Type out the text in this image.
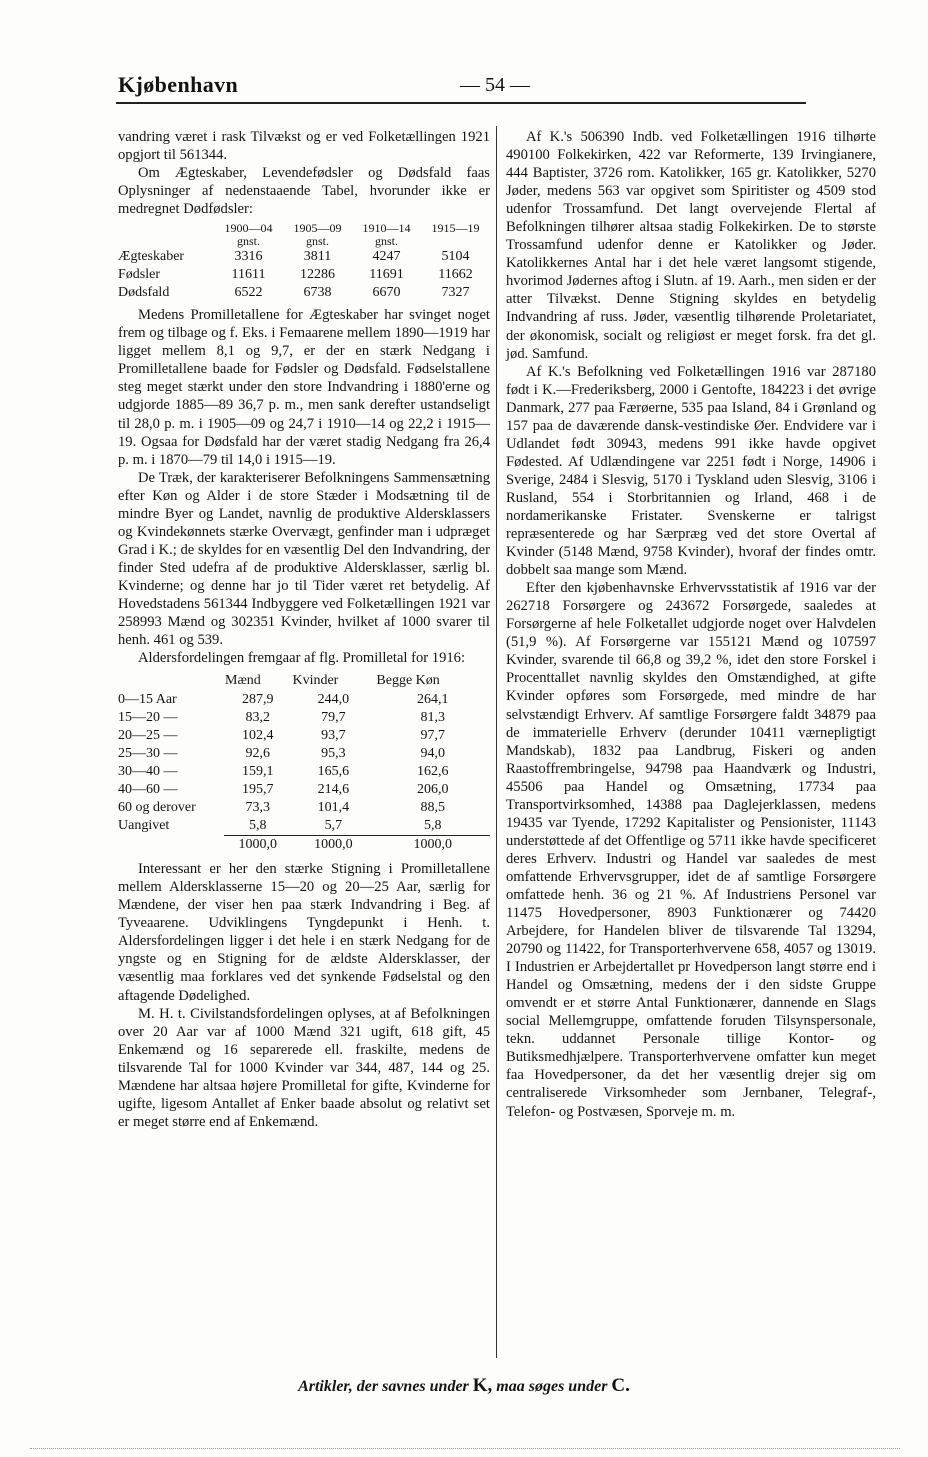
Kjøbenhavn	— 54 —

vandring været i rask Tilvækst og er ved Folketællingen 1921 opgjort til 561344.

Om Ægteskaber, Levendefødsler og Dødsfald faas Oplysninger af nedenstaaende Tabel, hvorunder ikke er medregnet Dødfødsler:

	1900—04	1905—09	1910—14	1915—19
	gnst.	gnst.	gnst.	
Ægteskaber	3316	3811	4247	5104
Fødsler	11611	12286	11691	11662
Dødsfald	6522	6738	6670	7327

Medens Promilletallene for Ægteskaber har svinget noget frem og tilbage og f. Eks. i Femaarene mellem 1890—1919 har ligget mellem 8,1 og 9,7, er der en stærk Nedgang i Promilletallene baade for Fødsler og Dødsfald. Fødselstallene steg meget stærkt under den store Indvandring i 1880'erne og udgjorde 1885—89 36,7 p. m., men sank derefter ustandseligt til 28,0 p. m. i 1905—09 og 24,7 i 1910—14 og 22,2 i 1915—19. Ogsaa for Dødsfald har der været stadig Nedgang fra 26,4 p. m. i 1870—79 til 14,0 i 1915—19.

De Træk, der karakteriserer Befolkningens Sammensætning efter Køn og Alder i de store Stæder i Modsætning til de mindre Byer og Landet, navnlig de produktive Aldersklassers og Kvindekønnets stærke Overvægt, genfinder man i udpræget Grad i K.; de skyldes for en væsentlig Del den Indvandring, der finder Sted udefra af de produktive Aldersklasser, særlig bl. Kvinderne; og denne har jo til Tider været ret betydelig. Af Hovedstadens 561344 Indbyggere ved Folketællingen 1921 var 258993 Mænd og 302351 Kvinder, hvilket af 1000 svarer til henh. 461 og 539.

Aldersfordelingen fremgaar af flg. Promilletal for 1916:

	Mænd	Kvinder	Begge Køn
0—15 Aar	287,9	244,0	264,1
15—20 —	83,2	79,7	81,3
20—25 —	102,4	93,7	97,7
25—30 —	92,6	95,3	94,0
30—40 —	159,1	165,6	162,6
40—60 —	195,7	214,6	206,0
60 og derover	73,3	101,4	88,5
Uangivet	5,8	5,7	5,8
	1000,0	1000,0	1000,0

Interessant er her den stærke Stigning i Promilletallene mellem Aldersklasserne 15—20 og 20—25 Aar, særlig for Mændene, der viser hen paa stærk Indvandring i Beg. af Tyveaarene. Udviklingens Tyngdepunkt i Henh. t. Aldersfordelingen ligger i det hele i en stærk Nedgang for de yngste og en Stigning for de ældste Aldersklasser, der væsentlig maa forklares ved det synkende Fødselstal og den aftagende Dødelighed.

M. H. t. Civilstandsfordelingen oplyses, at af Befolkningen over 20 Aar var af 1000 Mænd 321 ugift, 618 gift, 45 Enkemænd og 16 separerede ell. fraskilte, medens de tilsvarende Tal for 1000 Kvinder var 344, 487, 144 og 25. Mændene har altsaa højere Promilletal for gifte, Kvinderne for ugifte, ligesom Antallet af Enker baade absolut og relativt set er meget større end af Enkemænd.

Af K.'s 506390 Indb. ved Folketællingen 1916 tilhørte 490100 Folkekirken, 422 var Reformerte, 139 Irvingianere, 444 Baptister, 3726 rom. Katolikker, 165 gr. Katolikker, 5270 Jøder, medens 563 var opgivet som Spiritister og 4509 stod udenfor Trossamfund. Det langt overvejende Flertal af Befolkningen tilhører altsaa stadig Folkekirken. De to største Trossamfund udenfor denne er Katolikker og Jøder. Katolikkernes Antal har i det hele været langsomt stigende, hvorimod Jødernes aftog i Slutn. af 19. Aarh., men siden er der atter Tilvækst. Denne Stigning skyldes en betydelig Indvandring af russ. Jøder, væsentlig tilhørende Proletariatet, der økonomisk, socialt og religiøst er meget forsk. fra det gl. jød. Samfund.

Af K.'s Befolkning ved Folketællingen 1916 var 287180 født i K.—Frederiksberg, 2000 i Gentofte, 184223 i det øvrige Danmark, 277 paa Færøerne, 535 paa Island, 84 i Grønland og 157 paa de daværende dansk-vestindiske Øer. Endvidere var i Udlandet født 30943, medens 991 ikke havde opgivet Fødested. Af Udlændingene var 2251 født i Norge, 14906 i Sverige, 2484 i Slesvig, 5170 i Tyskland uden Slesvig, 3106 i Rusland, 554 i Storbritannien og Irland, 468 i de nordamerikanske Fristater. Svenskerne er talrigst repræsenterede og har Særpræg ved det store Overtal af Kvinder (5148 Mænd, 9758 Kvinder), hvoraf der findes omtr. dobbelt saa mange som Mænd.

Efter den kjøbenhavnske Erhvervsstatistik af 1916 var der 262718 Forsørgere og 243672 Forsørgede, saaledes at Forsørgerne af hele Folketallet udgjorde noget over Halvdelen (51,9 %). Af Forsørgerne var 155121 Mænd og 107597 Kvinder, svarende til 66,8 og 39,2 %, idet den store Forskel i Procenttallet navnlig skyldes den Omstændighed, at gifte Kvinder opføres som Forsørgede, med mindre de har selvstændigt Erhverv. Af samtlige Forsørgere faldt 34879 paa de immaterielle Erhverv (derunder 10411 værnepligtigt Mandskab), 1832 paa Landbrug, Fiskeri og anden Raastoffrembringelse, 94798 paa Haandværk og Industri, 45506 paa Handel og Omsætning, 17734 paa Transportvirksomhed, 14388 paa Daglejerklassen, medens 19435 var Tyende, 17292 Kapitalister og Pensionister, 11143 understøttede af det Offentlige og 5711 ikke havde specificeret deres Erhverv. Industri og Handel var saaledes de mest omfattende Erhvervsgrupper, idet de af samtlige Forsørgere omfattede henh. 36 og 21 %. Af Industriens Personel var 11475 Hovedpersoner, 8903 Funktionærer og 74420 Arbejdere, for Handelen bliver de tilsvarende Tal 13294, 20790 og 11422, for Transporterhvervene 658, 4057 og 13019. I Industrien er Arbejdertallet pr Hovedperson langt større end i Handel og Omsætning, medens der i den sidste Gruppe omvendt er et større Antal Funktionærer, dannende en Slags social Mellemgruppe, omfattende foruden Tilsynspersonale, tekn. uddannet Personale tillige Kontor- og Butiksmedhjælpere. Transporterhvervene omfatter kun meget faa Hovedpersoner, da det her væsentlig drejer sig om centraliserede Virksomheder som Jernbaner, Telegraf-, Telefon- og Postvæsen, Sporveje m. m.

Artikler, der savnes under K, maa søges under C.
